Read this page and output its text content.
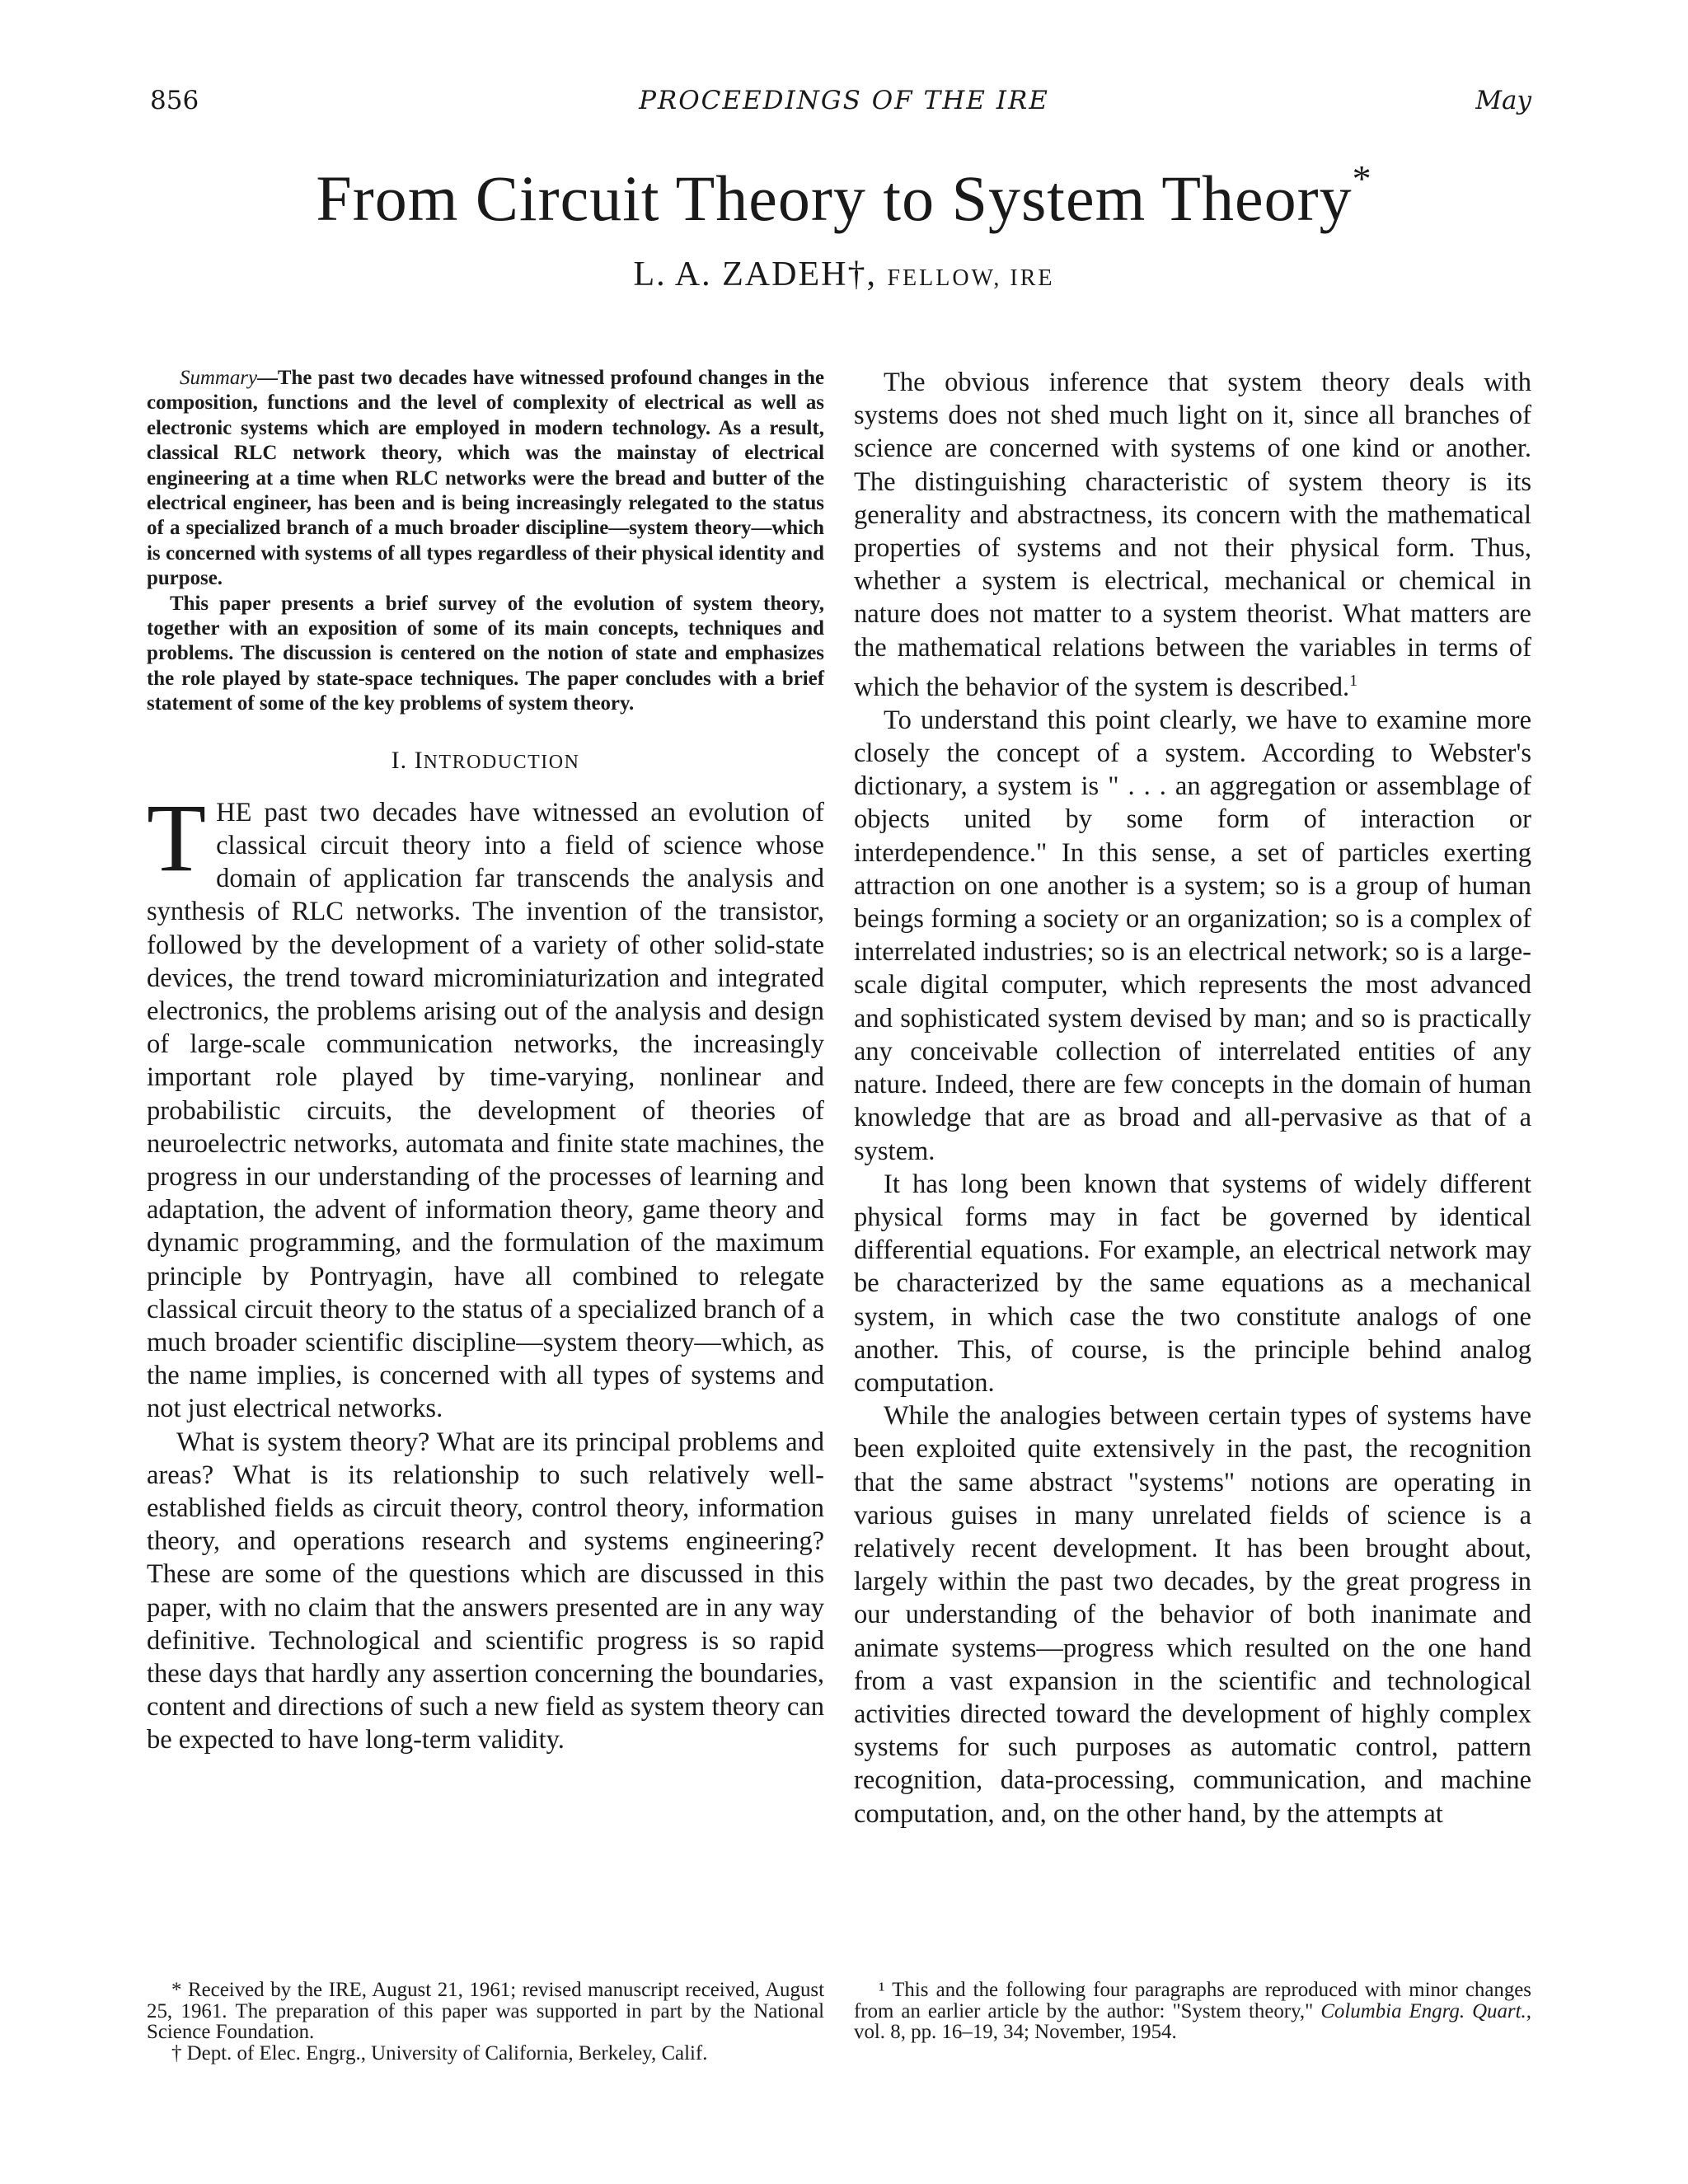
856	PROCEEDINGS OF THE IRE	May
From Circuit Theory to System Theory*
L. A. ZADEH†, FELLOW, IRE

Summary—The past two decades have witnessed profound changes in the composition, functions and the level of complexity of electrical as well as electronic systems which are employed in modern technology. As a result, classical RLC network theory, which was the mainstay of electrical engineering at a time when RLC networks were the bread and butter of the electrical engineer, has been and is being increasingly relegated to the status of a specialized branch of a much broader discipline—system theory—which is concerned with systems of all types regardless of their physical identity and purpose.

This paper presents a brief survey of the evolution of system theory, together with an exposition of some of its main concepts, techniques and problems. The discussion is centered on the notion of state and emphasizes the role played by state-space techniques. The paper concludes with a brief statement of some of the key problems of system theory.

I. INTRODUCTION

THE past two decades have witnessed an evolution of classical circuit theory into a field of science whose domain of application far transcends the analysis and synthesis of RLC networks. The invention of the transistor, followed by the development of a variety of other solid-state devices, the trend toward microminiaturization and integrated electronics, the problems arising out of the analysis and design of large-scale communication networks, the increasingly important role played by time-varying, nonlinear and probabilistic circuits, the development of theories of neuroelectric networks, automata and finite state machines, the progress in our understanding of the processes of learning and adaptation, the advent of information theory, game theory and dynamic programming, and the formulation of the maximum principle by Pontryagin, have all combined to relegate classical circuit theory to the status of a specialized branch of a much broader scientific discipline—system theory—which, as the name implies, is concerned with all types of systems and not just electrical networks.

What is system theory? What are its principal problems and areas? What is its relationship to such relatively well-established fields as circuit theory, control theory, information theory, and operations research and systems engineering? These are some of the questions which are discussed in this paper, with no claim that the answers presented are in any way definitive. Technological and scientific progress is so rapid these days that hardly any assertion concerning the boundaries, content and directions of such a new field as system theory can be expected to have long-term validity.

The obvious inference that system theory deals with systems does not shed much light on it, since all branches of science are concerned with systems of one kind or another. The distinguishing characteristic of system theory is its generality and abstractness, its concern with the mathematical properties of systems and not their physical form. Thus, whether a system is electrical, mechanical or chemical in nature does not matter to a system theorist. What matters are the mathematical relations between the variables in terms of which the behavior of the system is described.$^1$

To understand this point clearly, we have to examine more closely the concept of a system. According to Webster's dictionary, a system is " . . . an aggregation or assemblage of objects united by some form of interaction or interdependence." In this sense, a set of particles exerting attraction on one another is a system; so is a group of human beings forming a society or an organization; so is a complex of interrelated industries; so is an electrical network; so is a large-scale digital computer, which represents the most advanced and sophisticated system devised by man; and so is practically any conceivable collection of interrelated entities of any nature. Indeed, there are few concepts in the domain of human knowledge that are as broad and all-pervasive as that of a system.

It has long been known that systems of widely different physical forms may in fact be governed by identical differential equations. For example, an electrical network may be characterized by the same equations as a mechanical system, in which case the two constitute analogs of one another. This, of course, is the principle behind analog computation.

While the analogies between certain types of systems have been exploited quite extensively in the past, the recognition that the same abstract "systems" notions are operating in various guises in many unrelated fields of science is a relatively recent development. It has been brought about, largely within the past two decades, by the great progress in our understanding of the behavior of both inanimate and animate systems—progress which resulted on the one hand from a vast expansion in the scientific and technological activities directed toward the development of highly complex systems for such purposes as automatic control, pattern recognition, data-processing, communication, and machine computation, and, on the other hand, by the attempts at

* Received by the IRE, August 21, 1961; revised manuscript received, August 25, 1961. The preparation of this paper was supported in part by the National Science Foundation.

† Dept. of Elec. Engrg., University of California, Berkeley, Calif.

¹ This and the following four paragraphs are reproduced with minor changes from an earlier article by the author: "System theory," Columbia Engrg. Quart., vol. 8, pp. 16–19, 34; November, 1954.
